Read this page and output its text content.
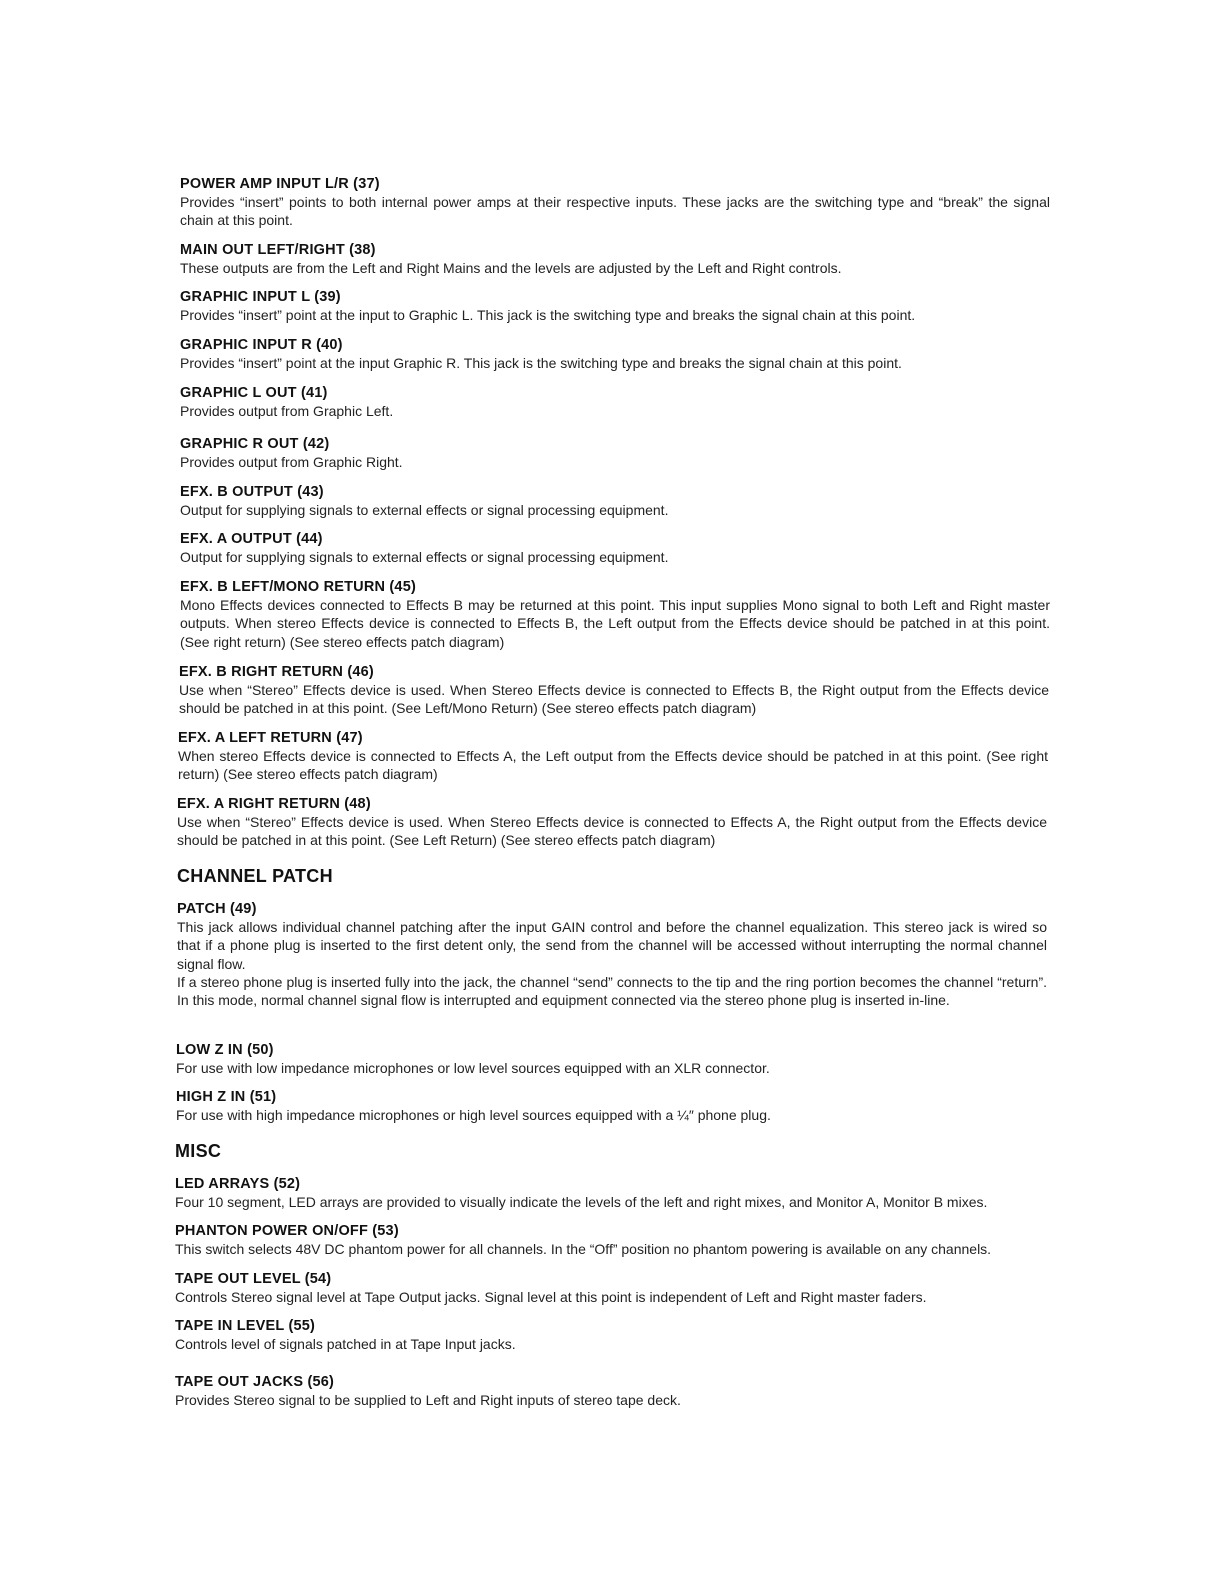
POWER AMP INPUT L/R (37)

Provides “insert” points to both internal power amps at their respective inputs. These jacks are the switching type and “break” the signal chain at this point.

MAIN OUT LEFT/RIGHT (38)

These outputs are from the Left and Right Mains and the levels are adjusted by the Left and Right controls.

GRAPHIC INPUT L (39)

Provides “insert” point at the input to Graphic L. This jack is the switching type and breaks the signal chain at this point.

GRAPHIC INPUT R (40)

Provides “insert” point at the input Graphic R. This jack is the switching type and breaks the signal chain at this point.

GRAPHIC L OUT (41)

Provides output from Graphic Left.

GRAPHIC R OUT (42)

Provides output from Graphic Right.

EFX. B OUTPUT (43)

Output for supplying signals to external effects or signal processing equipment.

EFX. A OUTPUT (44)

Output for supplying signals to external effects or signal processing equipment.

EFX. B LEFT/MONO RETURN (45)

Mono Effects devices connected to Effects B may be returned at this point. This input supplies Mono signal to both Left and Right master outputs. When stereo Effects device is connected to Effects B, the Left output from the Effects device should be patched in at this point. (See right return) (See stereo effects patch diagram)

EFX. B RIGHT RETURN (46)

Use when “Stereo” Effects device is used. When Stereo Effects device is connected to Effects B, the Right output from the Effects device should be patched in at this point. (See Left/Mono Return) (See stereo effects patch diagram)

EFX. A LEFT RETURN (47)

When stereo Effects device is connected to Effects A, the Left output from the Effects device should be patched in at this point. (See right return) (See stereo effects patch diagram)

EFX. A RIGHT RETURN (48)

Use when “Stereo” Effects device is used. When Stereo Effects device is connected to Effects A, the Right output from the Effects device should be patched in at this point. (See Left Return) (See stereo effects patch diagram)

CHANNEL PATCH
PATCH (49)

This jack allows individual channel patching after the input GAIN control and before the channel equalization. This stereo jack is wired so that if a phone plug is inserted to the first detent only, the send from the channel will be accessed without interrupting the normal channel signal flow.

If a stereo phone plug is inserted fully into the jack, the channel “send” connects to the tip and the ring portion becomes the channel “return”. In this mode, normal channel signal flow is interrupted and equipment connected via the stereo phone plug is inserted in-line.

LOW Z IN (50)

For use with low impedance microphones or low level sources equipped with an XLR connector.

HIGH Z IN (51)

For use with high impedance microphones or high level sources equipped with a ¼″ phone plug.

MISC
LED ARRAYS (52)

Four 10 segment, LED arrays are provided to visually indicate the levels of the left and right mixes, and Monitor A, Monitor B mixes.

PHANTON POWER ON/OFF (53)

This switch selects 48V DC phantom power for all channels. In the “Off” position no phantom powering is available on any channels.

TAPE OUT LEVEL (54)

Controls Stereo signal level at Tape Output jacks. Signal level at this point is independent of Left and Right master faders.

TAPE IN LEVEL (55)

Controls level of signals patched in at Tape Input jacks.

TAPE OUT JACKS (56)

Provides Stereo signal to be supplied to Left and Right inputs of stereo tape deck.
